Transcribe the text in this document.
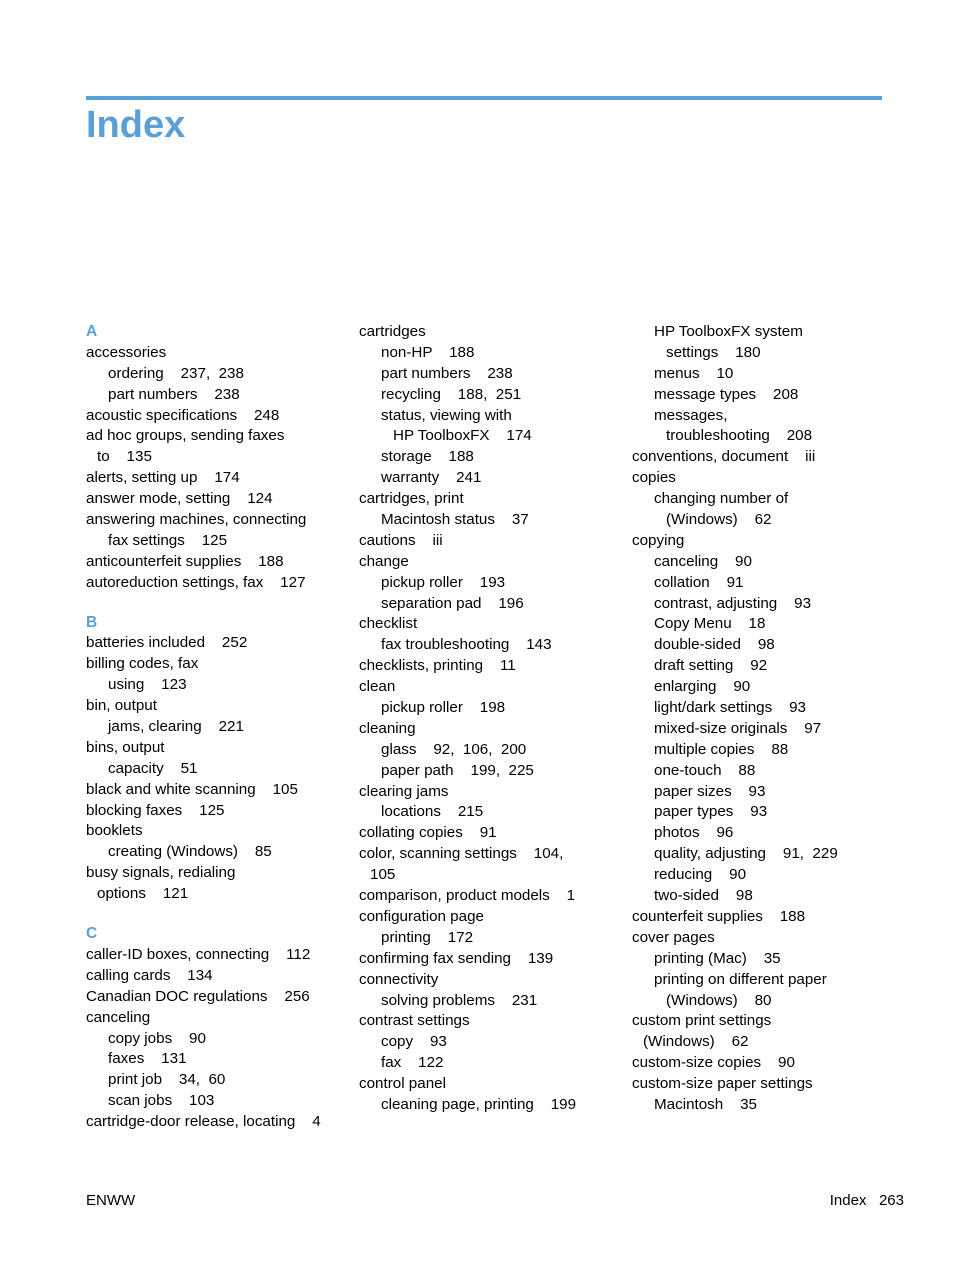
Index
A
accessories
ordering    237,  238
part numbers    238
acoustic specifications    248
ad hoc groups, sending faxes
to    135
alerts, setting up    174
answer mode, setting    124
answering machines, connecting
fax settings    125
anticounterfeit supplies    188
autoreduction settings, fax    127
B
batteries included    252
billing codes, fax
using    123
bin, output
jams, clearing    221
bins, output
capacity    51
black and white scanning    105
blocking faxes    125
booklets
creating (Windows)    85
busy signals, redialing
options    121
C
caller-ID boxes, connecting    112
calling cards    134
Canadian DOC regulations    256
canceling
copy jobs    90
faxes    131
print job    34,  60
scan jobs    103
cartridge-door release, locating    4
cartridges
non-HP    188
part numbers    238
recycling    188,  251
status, viewing with
HP ToolboxFX    174
storage    188
warranty    241
cartridges, print
Macintosh status    37
cautions    iii
change
pickup roller    193
separation pad    196
checklist
fax troubleshooting    143
checklists, printing    11
clean
pickup roller    198
cleaning
glass    92,  106,  200
paper path    199,  225
clearing jams
locations    215
collating copies    91
color, scanning settings    104,
105
comparison, product models    1
configuration page
printing    172
confirming fax sending    139
connectivity
solving problems    231
contrast settings
copy    93
fax    122
control panel
cleaning page, printing    199
HP ToolboxFX system
settings    180
menus    10
message types    208
messages,
troubleshooting    208
conventions, document    iii
copies
changing number of
(Windows)    62
copying
canceling    90
collation    91
contrast, adjusting    93
Copy Menu    18
double-sided    98
draft setting    92
enlarging    90
light/dark settings    93
mixed-size originals    97
multiple copies    88
one-touch    88
paper sizes    93
paper types    93
photos    96
quality, adjusting    91,  229
reducing    90
two-sided    98
counterfeit supplies    188
cover pages
printing (Mac)    35
printing on different paper
(Windows)    80
custom print settings
(Windows)    62
custom-size copies    90
custom-size paper settings
Macintosh    35
ENWW	Index   263
